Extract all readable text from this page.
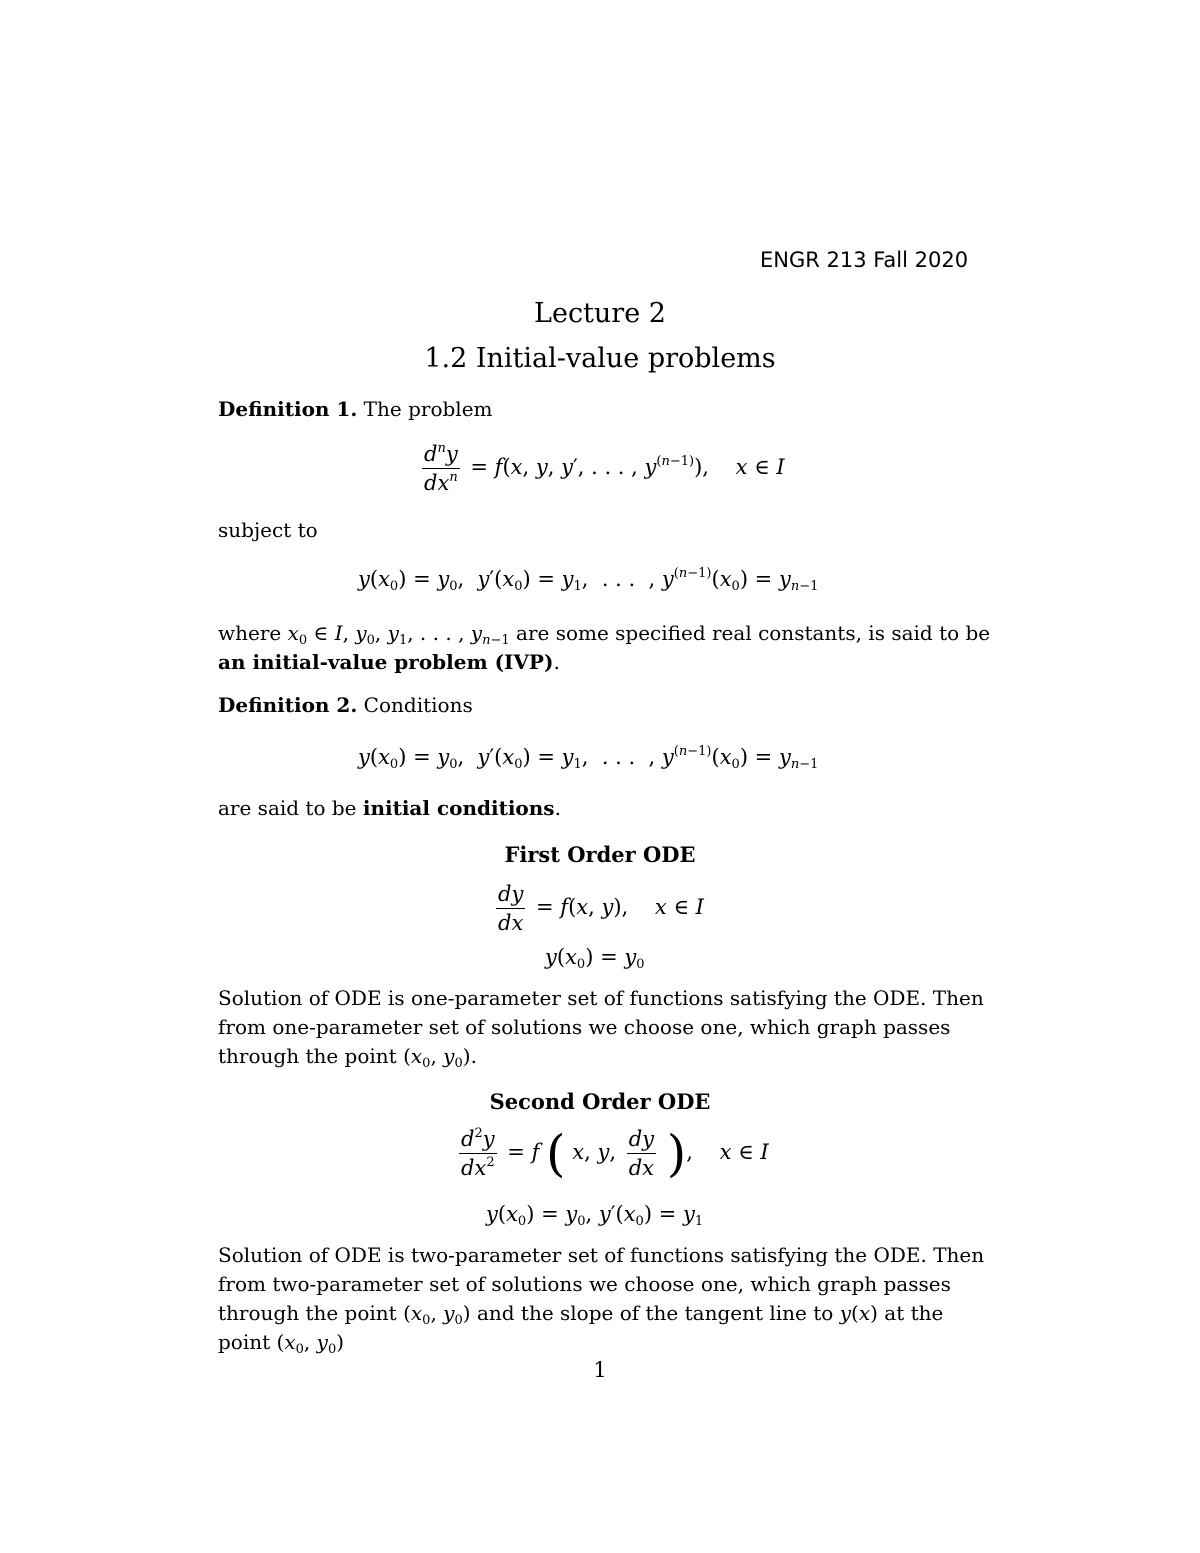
ENGR 213 Fall 2020
Lecture 2
1.2 Initial-value problems
Definition 1. The problem
$\frac{d^ny}{dx^n} = f(x$, y, y′, . . . , $y^{(n-1)}$),    x ∈ I
subject to
$y(x_0) = y_0$,  $y'(x_0) = y_1$,  . . .  , $y^{(n-1)}(x_0) = y_{n-1}$
where $x_0$ ∈ I, $y_0$, $y_1$, . . . , $y_{n-1}$ are some specified real constants, is said to be an initial-value problem (IVP).
Definition 2. Conditions
$y(x_0) = y_0$,  $y'(x_0) = y_1$,  . . .  , $y^{(n-1)}(x_0) = y_{n-1}$
are said to be initial conditions.
First Order ODE
$\frac{dy}{dx} = f(x$, y),    x ∈ I
$y(x_0) = y_0$
Solution of ODE is one-parameter set of functions satisfying the ODE. Then from one-parameter set of solutions we choose one, which graph passes through the point ($x_0$, $y_0$).
Second Order ODE
$\frac{d^2y}{dx^2} = f$ ( x, y, $\frac{dy}{dx}$ ),    x ∈ I
$y(x_0) = y_0$, $y'(x_0) = y_1$
Solution of ODE is two-parameter set of functions satisfying the ODE. Then from two-parameter set of solutions we choose one, which graph passes through the point ($x_0$, $y_0$) and the slope of the tangent line to y(x) at the point ($x_0$, $y_0$)
1
